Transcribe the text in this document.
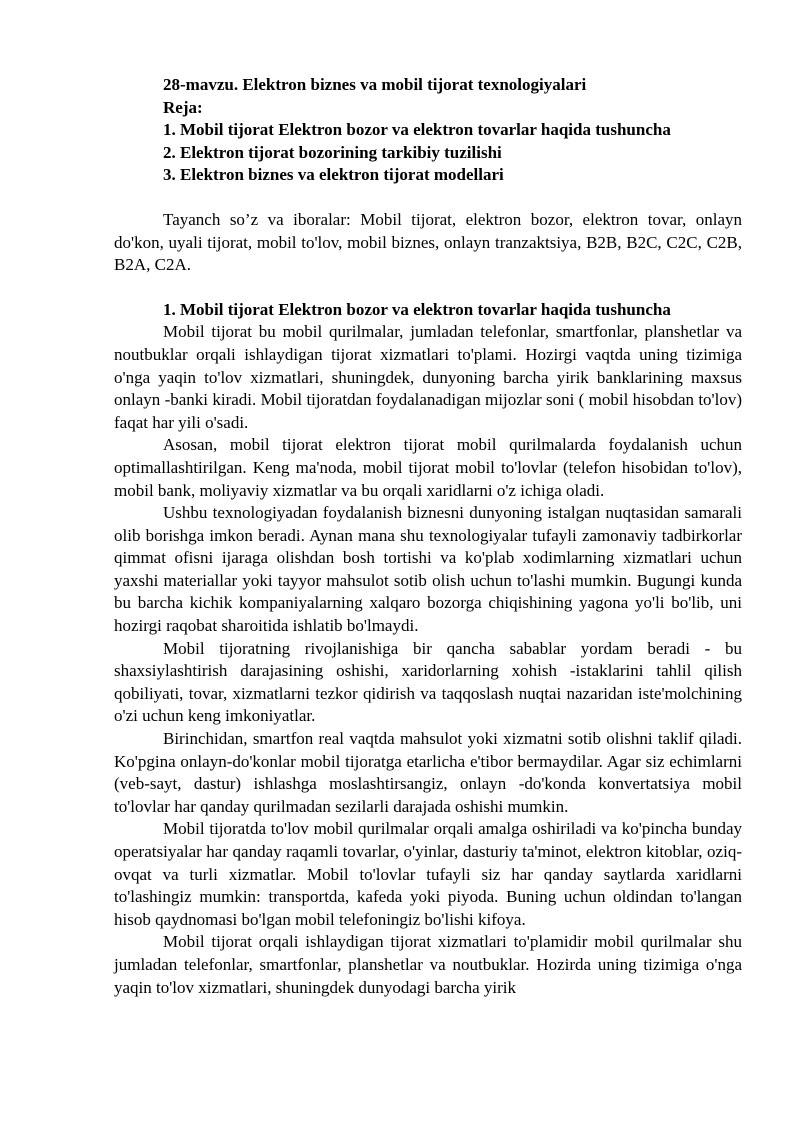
28-mavzu. Elektron biznes va mobil tijorat texnologiyalari
Reja:
1. Mobil tijorat Elektron bozor va elektron tovarlar haqida tushuncha
2. Elektron tijorat bozorining tarkibiy tuzilishi
3. Elektron biznes va elektron tijorat modellari

Tayanch so’z va iboralar: Mobil tijorat, elektron bozor, elektron tovar, onlayn do'kon, uyali tijorat, mobil to'lov, mobil biznes, onlayn tranzaktsiya, B2B, B2C, C2C, C2B, B2A, C2A.

1. Mobil tijorat Elektron bozor va elektron tovarlar haqida tushuncha

Mobil tijorat bu mobil qurilmalar, jumladan telefonlar, smartfonlar, planshetlar va noutbuklar orqali ishlaydigan tijorat xizmatlari to'plami. Hozirgi vaqtda uning tizimiga o'nga yaqin to'lov xizmatlari, shuningdek, dunyoning barcha yirik banklarining maxsus onlayn -banki kiradi. Mobil tijoratdan foydalanadigan mijozlar soni ( mobil hisobdan to'lov) faqat har yili o'sadi.

Asosan, mobil tijorat elektron tijorat mobil qurilmalarda foydalanish uchun optimallashtirilgan. Keng ma'noda, mobil tijorat mobil to'lovlar (telefon hisobidan to'lov), mobil bank, moliyaviy xizmatlar va bu orqali xaridlarni o'z ichiga oladi.

Ushbu texnologiyadan foydalanish biznesni dunyoning istalgan nuqtasidan samarali olib borishga imkon beradi. Aynan mana shu texnologiyalar tufayli zamonaviy tadbirkorlar qimmat ofisni ijaraga olishdan bosh tortishi va ko'plab xodimlarning xizmatlari uchun yaxshi materiallar yoki tayyor mahsulot sotib olish uchun to'lashi mumkin. Bugungi kunda bu barcha kichik kompaniyalarning xalqaro bozorga chiqishining yagona yo'li bo'lib, uni hozirgi raqobat sharoitida ishlatib bo'lmaydi.

Mobil tijoratning rivojlanishiga bir qancha sabablar yordam beradi - bu shaxsiylashtirish darajasining oshishi, xaridorlarning xohish -istaklarini tahlil qilish qobiliyati, tovar, xizmatlarni tezkor qidirish va taqqoslash nuqtai nazaridan iste'molchining o'zi uchun keng imkoniyatlar.

Birinchidan, smartfon real vaqtda mahsulot yoki xizmatni sotib olishni taklif qiladi. Ko'pgina onlayn-do'konlar mobil tijoratga etarlicha e'tibor bermaydilar. Agar siz echimlarni (veb-sayt, dastur) ishlashga moslashtirsangiz, onlayn -do'konda konvertatsiya mobil to'lovlar har qanday qurilmadan sezilarli darajada oshishi mumkin.

Mobil tijoratda to'lov mobil qurilmalar orqali amalga oshiriladi va ko'pincha bunday operatsiyalar har qanday raqamli tovarlar, o'yinlar, dasturiy ta'minot, elektron kitoblar, oziq-ovqat va turli xizmatlar. Mobil to'lovlar tufayli siz har qanday saytlarda xaridlarni to'lashingiz mumkin: transportda, kafeda yoki piyoda. Buning uchun oldindan to'langan hisob qaydnomasi bo'lgan mobil telefoningiz bo'lishi kifoya.

Mobil tijorat orqali ishlaydigan tijorat xizmatlari to'plamidir mobil qurilmalar shu jumladan telefonlar, smartfonlar, planshetlar va noutbuklar. Hozirda uning tizimiga o'nga yaqin to'lov xizmatlari, shuningdek dunyodagi barcha yirik
